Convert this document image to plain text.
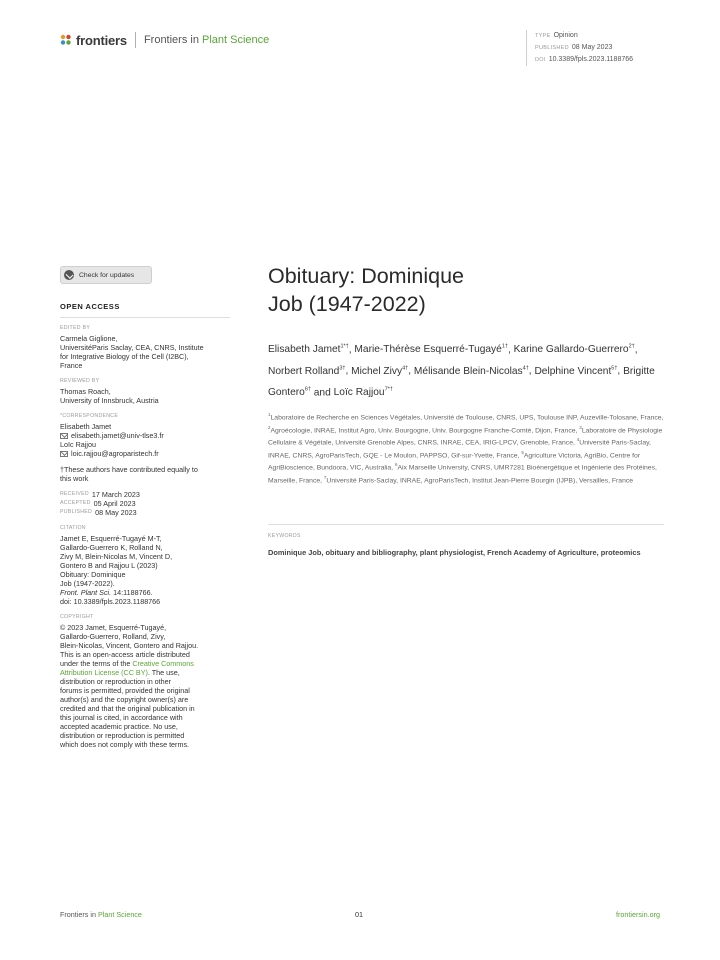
frontiers Frontiers in Plant Science	TYPE Opinion
PUBLISHED 08 May 2023
DOI 10.3389/fpls.2023.1188766
Check for updates
OPEN ACCESS
EDITED BY
Carmela Giglione,
UniversitéParis Saclay, CEA, CNRS, Institute
for Integrative Biology of the Cell (I2BC),
France
REVIEWED BY
Thomas Roach,
University of Innsbruck, Austria
*CORRESPONDENCE
Elisabeth Jamet
elisabeth.jamet@univ-tlse3.fr
Loïc Rajjou
loic.rajjou@agroparistech.fr
†These authors have contributed equally to
this work
RECEIVED 17 March 2023
ACCEPTED 05 April 2023
PUBLISHED 08 May 2023
CITATION
Jamet E, Esquerré-Tugayé M-T,
Gallardo-Guerrero K, Rolland N,
Zivy M, Blein-Nicolas M, Vincent D,
Gontero B and Rajjou L (2023)
Obituary: Dominique
Job (1947-2022).
Front. Plant Sci. 14:1188766.
doi: 10.3389/fpls.2023.1188766
COPYRIGHT
© 2023 Jamet, Esquerré-Tugayé,
Gallardo-Guerrero, Rolland, Zivy,
Blein-Nicolas, Vincent, Gontero and Rajjou.
This is an open-access article distributed
under the terms of the Creative Commons
Attribution License (CC BY). The use,
distribution or reproduction in other
forums is permitted, provided the original
author(s) and the copyright owner(s) are
credited and that the original publication in
this journal is cited, in accordance with
accepted academic practice. No use,
distribution or reproduction is permitted
which does not comply with these terms.
Obituary: Dominique
Job (1947-2022)
Elisabeth Jamet$^{1*\dagger}$, Marie-Thérèse Esquerré-Tugayé$^{1\dagger}$, Karine Gallardo-Guerrero$^{2\dagger}$, Norbert Rolland$^{3\dagger}$, Michel Zivy$^{4\dagger}$, Mélisande Blein-Nicolas$^{4\dagger}$, Delphine Vincent$^{5\dagger}$, Brigitte Gontero$^{6\dagger}$ and Loïc Rajjou$^{7*\dagger}$
$^1$Laboratoire de Recherche en Sciences Végétales, Université de Toulouse, CNRS, UPS, Toulouse INP, Auzeville-Tolosane, France, $^2$Agroécologie, INRAE, Institut Agro, Univ. Bourgogne, Univ. Bourgogne Franche-Comté, Dijon, France, $^3$Laboratoire de Physiologie Cellulaire & Végétale, Université Grenoble Alpes, CNRS, INRAE, CEA, IRIG-LPCV, Grenoble, France, $^4$Université Paris-Saclay, INRAE, CNRS, AgroParisTech, GQE - Le Moulon, PAPPSO, Gif-sur-Yvette, France, $^5$Agriculture Victoria, AgriBio, Centre for AgriBioscience, Bundoora, VIC, Australia, $^6$Aix Marseille University, CNRS, UMR7281 Bioénergétique et Ingénierie des Protéines, Marseille, France, $^7$Université Paris-Saclay, INRAE, AgroParisTech, Institut Jean-Pierre Bourgin (IJPB), Versailles, France
KEYWORDS
Dominique Job, obituary and bibliography, plant physiologist, French Academy of Agriculture, proteomics
Frontiers in Plant Science	01	frontiersin.org
